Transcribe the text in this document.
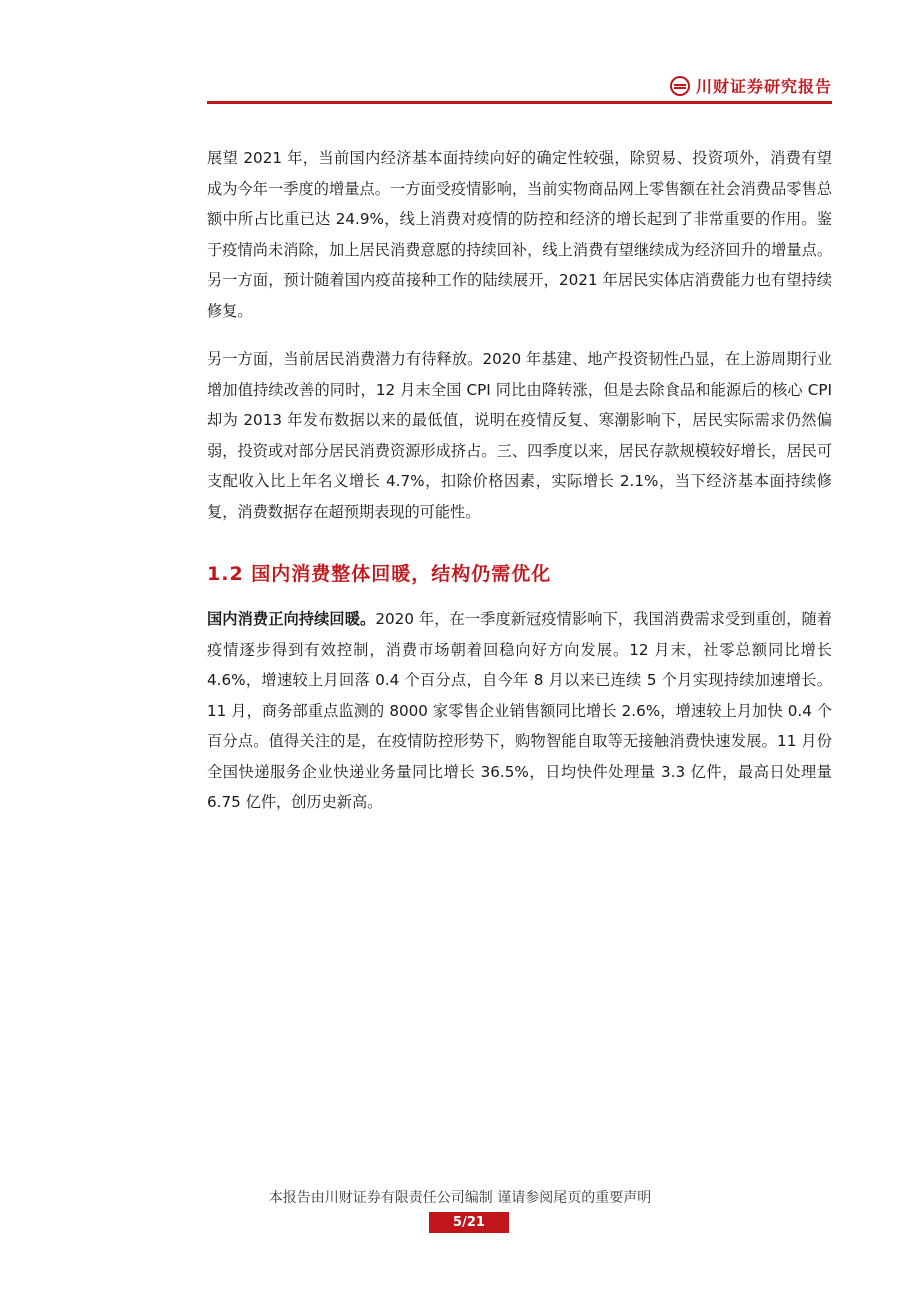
川财证券研究报告

展望 2021 年，当前国内经济基本面持续向好的确定性较强，除贸易、投资项外，消费有望成为今年一季度的增量点。一方面受疫情影响，当前实物商品网上零售额在社会消费品零售总额中所占比重已达 24.9%，线上消费对疫情的防控和经济的增长起到了非常重要的作用。鉴于疫情尚未消除，加上居民消费意愿的持续回补，线上消费有望继续成为经济回升的增量点。另一方面，预计随着国内疫苗接种工作的陆续展开，2021 年居民实体店消费能力也有望持续修复。

另一方面，当前居民消费潜力有待释放。2020 年基建、地产投资韧性凸显，在上游周期行业增加值持续改善的同时，12 月末全国 CPI 同比由降转涨，但是去除食品和能源后的核心 CPI 却为 2013 年发布数据以来的最低值，说明在疫情反复、寒潮影响下，居民实际需求仍然偏弱，投资或对部分居民消费资源形成挤占。三、四季度以来，居民存款规模较好增长，居民可支配收入比上年名义增长 4.7%，扣除价格因素，实际增长 2.1%，当下经济基本面持续修复，消费数据存在超预期表现的可能性。

1.2 国内消费整体回暖，结构仍需优化

国内消费正向持续回暖。2020 年，在一季度新冠疫情影响下，我国消费需求受到重创，随着疫情逐步得到有效控制，消费市场朝着回稳向好方向发展。12 月末，社零总额同比增长 4.6%，增速较上月回落 0.4 个百分点，自今年 8 月以来已连续 5 个月实现持续加速增长。11 月，商务部重点监测的 8000 家零售企业销售额同比增长 2.6%，增速较上月加快 0.4 个百分点。值得关注的是，在疫情防控形势下，购物智能自取等无接触消费快速发展。11 月份全国快递服务企业快递业务量同比增长 36.5%，日均快件处理量 3.3 亿件，最高日处理量 6.75 亿件，创历史新高。

本报告由川财证券有限责任公司编制 谨请参阅尾页的重要声明
5/21
